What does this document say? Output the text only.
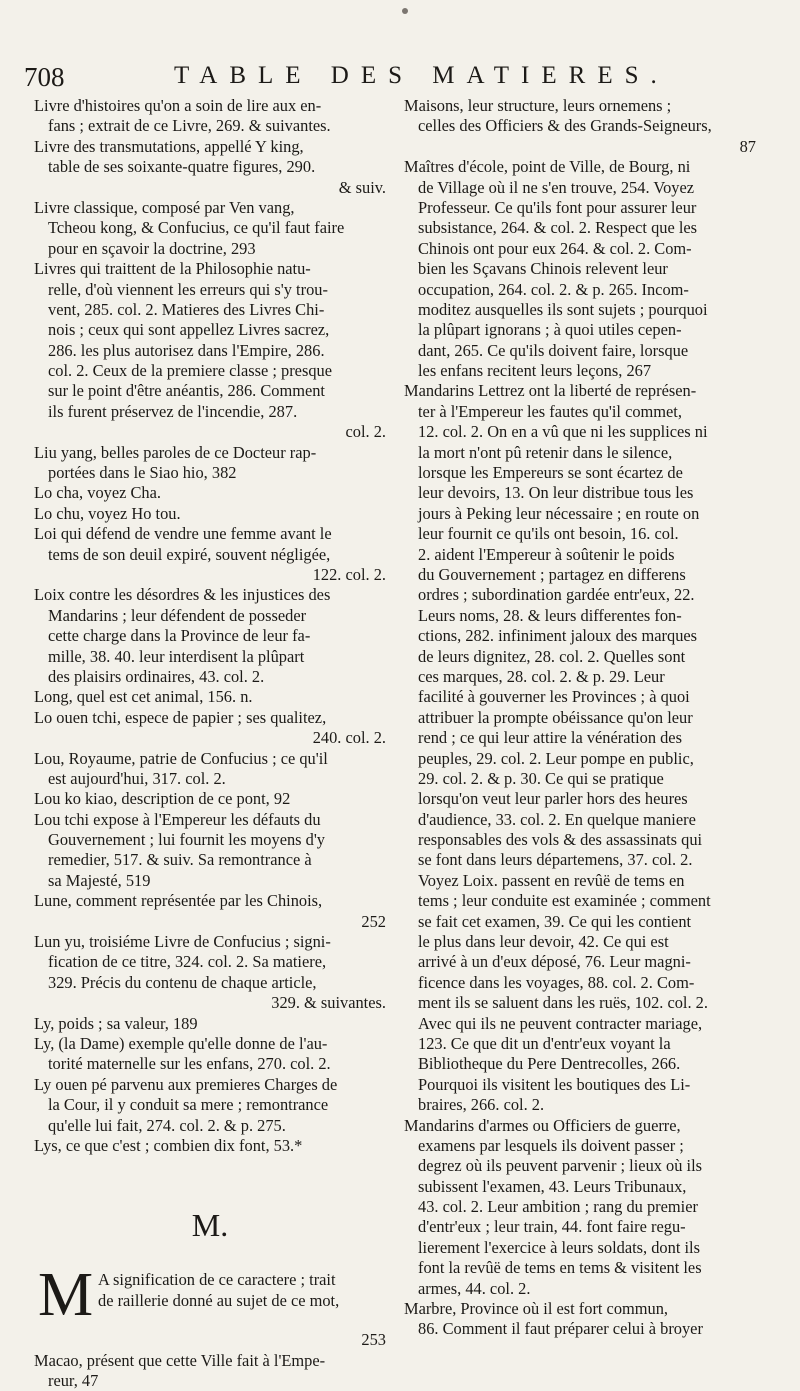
708	TABLE DES MATIERES.
Livre d'histoires qu'on a soin de lire aux en-
fans ; extrait de ce Livre, 269. & suivantes.
Livre des transmutations, appellé Y king,
table de ses soixante-quatre figures, 290.
& suiv.
Livre classique, composé par Ven vang,
Tcheou kong, & Confucius, ce qu'il faut faire
pour en sçavoir la doctrine, 293
Livres qui traittent de la Philosophie natu-
relle, d'où viennent les erreurs qui s'y trou-
vent, 285. col. 2. Matieres des Livres Chi-
nois ; ceux qui sont appellez Livres sacrez,
286. les plus autorisez dans l'Empire, 286.
col. 2. Ceux de la premiere classe ; presque
sur le point d'être anéantis, 286. Comment
ils furent préservez de l'incendie, 287.
col. 2.
Liu yang, belles paroles de ce Docteur rap-
portées dans le Siao hio, 382
Lo cha, voyez Cha.
Lo chu, voyez Ho tou.
Loi qui défend de vendre une femme avant le
tems de son deuil expiré, souvent négligée,
122. col. 2.
Loix contre les désordres & les injustices des
Mandarins ; leur défendent de posseder
cette charge dans la Province de leur fa-
mille, 38. 40. leur interdisent la plûpart
des plaisirs ordinaires, 43. col. 2.
Long, quel est cet animal, 156. n.
Lo ouen tchi, espece de papier ; ses qualitez,
240. col. 2.
Lou, Royaume, patrie de Confucius ; ce qu'il
est aujourd'hui, 317. col. 2.
Lou ko kiao, description de ce pont, 92
Lou tchi expose à l'Empereur les défauts du
Gouvernement ; lui fournit les moyens d'y
remedier, 517. & suiv. Sa remontrance à
sa Majesté, 519
Lune, comment représentée par les Chinois,
252
Lun yu, troisiéme Livre de Confucius ; signi-
fication de ce titre, 324. col. 2. Sa matiere,
329. Précis du contenu de chaque article,
329. & suivantes.
Ly, poids ; sa valeur, 189
Ly, (la Dame) exemple qu'elle donne de l'au-
torité maternelle sur les enfans, 270. col. 2.
Ly ouen pé parvenu aux premieres Charges de
la Cour, il y conduit sa mere ; remontrance
qu'elle lui fait, 274. col. 2. & p. 275.
Lys, ce que c'est ; combien dix font, 53.*
M.
M A signification de ce caractere ; trait
de raillerie donné au sujet de ce mot,
253
Macao, présent que cette Ville fait à l'Empe-
reur, 47
Maisons, leur structure, leurs ornemens ;
celles des Officiers & des Grands-Seigneurs,
87
Maîtres d'école, point de Ville, de Bourg, ni
de Village où il ne s'en trouve, 254. Voyez
Professeur. Ce qu'ils font pour assurer leur
subsistance, 264. & col. 2. Respect que les
Chinois ont pour eux 264. & col. 2. Com-
bien les Sçavans Chinois relevent leur
occupation, 264. col. 2. & p. 265. Incom-
moditez ausquelles ils sont sujets ; pourquoi
la plûpart ignorans ; à quoi utiles cepen-
dant, 265. Ce qu'ils doivent faire, lorsque
les enfans recitent leurs leçons, 267
Mandarins Lettrez ont la liberté de représen-
ter à l'Empereur les fautes qu'il commet,
12. col. 2. On en a vû que ni les supplices ni
la mort n'ont pû retenir dans le silence,
lorsque les Empereurs se sont écartez de
leur devoirs, 13. On leur distribue tous les
jours à Peking leur nécessaire ; en route on
leur fournit ce qu'ils ont besoin, 16. col.
2. aident l'Empereur à soûtenir le poids
du Gouvernement ; partagez en differens
ordres ; subordination gardée entr'eux, 22.
Leurs noms, 28. & leurs differentes fon-
ctions, 282. infiniment jaloux des marques
de leurs dignitez, 28. col. 2. Quelles sont
ces marques, 28. col. 2. & p. 29. Leur
facilité à gouverner les Provinces ; à quoi
attribuer la prompte obéissance qu'on leur
rend ; ce qui leur attire la vénération des
peuples, 29. col. 2. Leur pompe en public,
29. col. 2. & p. 30. Ce qui se pratique
lorsqu'on veut leur parler hors des heures
d'audience, 33. col. 2. En quelque maniere
responsables des vols & des assassinats qui
se font dans leurs départemens, 37. col. 2.
Voyez Loix. passent en revûë de tems en
tems ; leur conduite est examinée ; comment
se fait cet examen, 39. Ce qui les contient
le plus dans leur devoir, 42. Ce qui est
arrivé à un d'eux déposé, 76. Leur magni-
ficence dans les voyages, 88. col. 2. Com-
ment ils se saluent dans les ruës, 102. col. 2.
Avec qui ils ne peuvent contracter mariage,
123. Ce que dit un d'entr'eux voyant la
Bibliotheque du Pere Dentrecolles, 266.
Pourquoi ils visitent les boutiques des Li-
braires, 266. col. 2.
Mandarins d'armes ou Officiers de guerre,
examens par lesquels ils doivent passer ;
degrez où ils peuvent parvenir ; lieux où ils
subissent l'examen, 43. Leurs Tribunaux,
43. col. 2. Leur ambition ; rang du premier
d'entr'eux ; leur train, 44. font faire regu-
lierement l'exercice à leurs soldats, dont ils
font la revûë de tems en tems & visitent les
armes, 44. col. 2.
Marbre, Province où il est fort commun,
86. Comment il faut préparer celui à broyer
